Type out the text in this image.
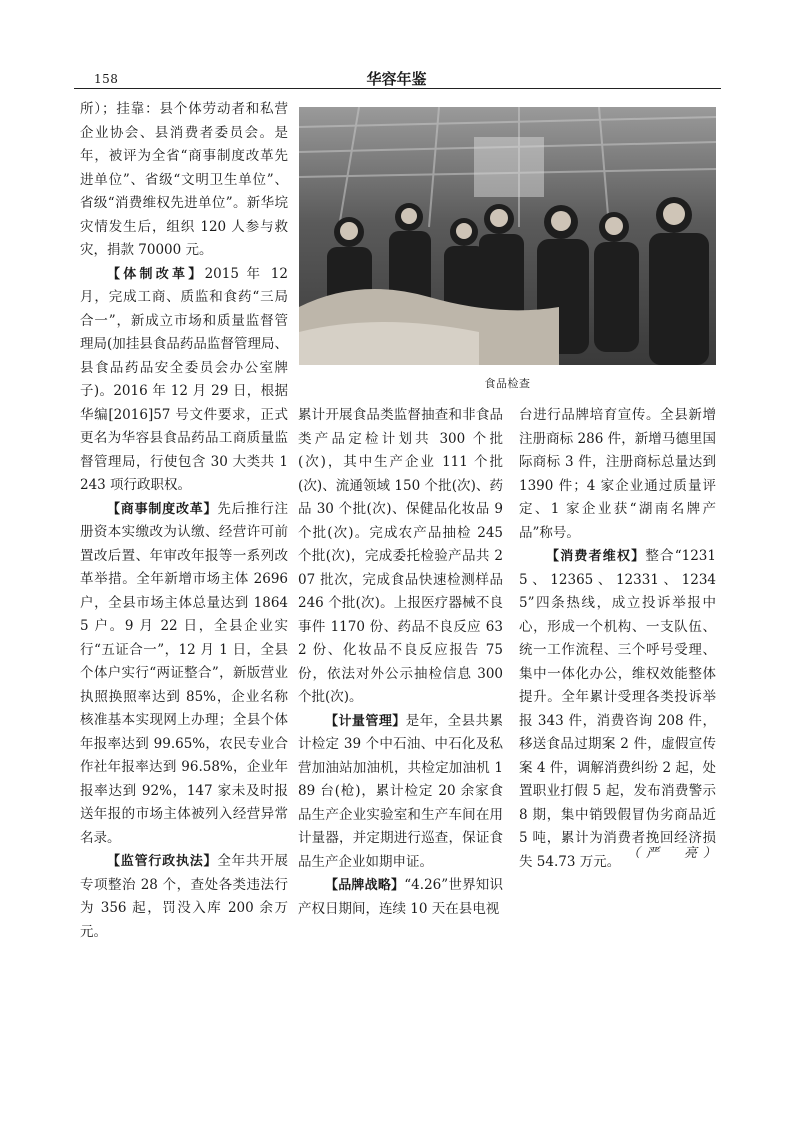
158	华容年鉴

所）；挂靠：县个体劳动者和私营企业协会、县消费者委员会。是年，被评为全省“商事制度改革先进单位”、省级“文明卫生单位”、省级“消费维权先进单位”。新华垸灾情发生后，组织 120 人参与救灾，捐款 70000 元。

【体制改革】2015 年 12 月，完成工商、质监和食药“三局合一”，新成立市场和质量监督管理局(加挂县食品药品监督管理局、县食品药品安全委员会办公室牌子)。2016 年 12 月 29 日，根据华编[2016]57 号文件要求，正式更名为华容县食品药品工商质量监督管理局，行使包含 30 大类共 1243 项行政职权。

【商事制度改革】先后推行注册资本实缴改为认缴、经营许可前置改后置、年审改年报等一系列改革举措。全年新增市场主体 2696 户，全县市场主体总量达到 18645 户。9 月 22 日，全县企业实行“五证合一”，12 月 1 日，全县个体户实行“两证整合”，新版营业执照换照率达到 85%，企业名称核准基本实现网上办理；全县个体年报率达到 99.65%，农民专业合作社年报率达到 96.58%，企业年报率达到 92%，147 家未及时报送年报的市场主体被列入经营异常名录。

【监管行政执法】全年共开展专项整治 28 个，查处各类违法行为 356 起，罚没入库 200 余万元。

食品检查

累计开展食品类监督抽查和非食品类产品定检计划共 300 个批(次)，其中生产企业 111 个批(次)、流通领域 150 个批(次)、药品 30 个批(次)、保健品化妆品 9 个批(次)。完成农产品抽检 245 个批(次)，完成委托检验产品共 207 批次，完成食品快速检测样品 246 个批(次)。上报医疗器械不良事件 1170 份、药品不良反应 632 份、化妆品不良反应报告 75 份，依法对外公示抽检信息 300 个批(次)。

【计量管理】是年，全县共累计检定 39 个中石油、中石化及私营加油站加油机，共检定加油机 189 台(枪)，累计检定 20 余家食品生产企业实验室和生产车间在用计量器，并定期进行巡查，保证食品生产企业如期申证。

【品牌战略】“4.26”世界知识产权日期间，连续 10 天在县电视

台进行品牌培育宣传。全县新增注册商标 286 件，新增马德里国际商标 3 件，注册商标总量达到 1390 件；4 家企业通过质量评定、1 家企业获“湖南名牌产品”称号。

【消费者维权】整合“12315、12365、12331、12345”四条热线，成立投诉举报中心，形成一个机构、一支队伍、统一工作流程、三个呼号受理、集中一体化办公，维权效能整体提升。全年累计受理各类投诉举报 343 件，消费咨询 208 件，移送食品过期案 2 件，虚假宣传案 4 件，调解消费纠纷 2 起，处置职业打假 5 起，发布消费警示 8 期，集中销毁假冒伪劣商品近 5 吨，累计为消费者挽回经济损失 54.73 万元。 （严　亮）
